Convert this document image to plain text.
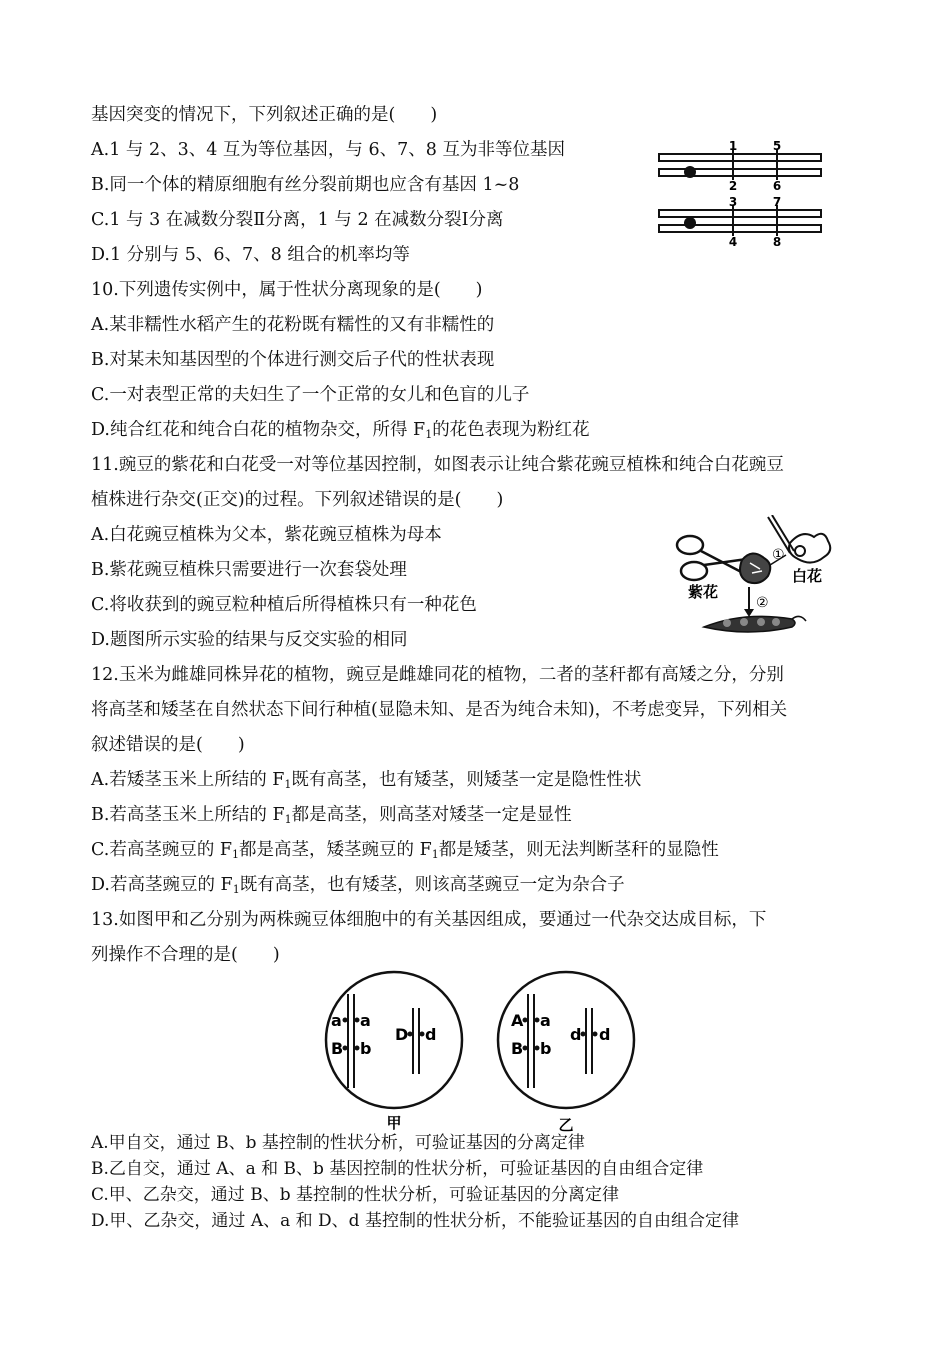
基因突变的情况下，下列叙述正确的是(　　)
A.1 与 2、3、4 互为等位基因，与 6、7、8 互为非等位基因
B.同一个体的精原细胞有丝分裂前期也应含有基因 1~8
C.1 与 3 在减数分裂Ⅱ分离，1 与 2 在减数分裂Ⅰ分离
D.1 分别与 5、6、7、8 组合的机率均等
1	5
2	6
3	7
4	8
10.下列遗传实例中，属于性状分离现象的是(　　)
A.某非糯性水稻产生的花粉既有糯性的又有非糯性的
B.对某未知基因型的个体进行测交后子代的性状表现
C.一对表型正常的夫妇生了一个正常的女儿和色盲的儿子
D.纯合红花和纯合白花的植物杂交，所得 $F_1$的花色表现为粉红花
11.豌豆的紫花和白花受一对等位基因控制，如图表示让纯合紫花豌豆植株和纯合白花豌豆
植株进行杂交(正交)的过程。下列叙述错误的是(　　)
A.白花豌豆植株为父本，紫花豌豆植株为母本
B.紫花豌豆植株只需要进行一次套袋处理
C.将收获到的豌豆粒种植后所得植株只有一种花色
D.题图所示实验的结果与反交实验的相同
①
②
紫花
白花
12.玉米为雌雄同株异花的植物，豌豆是雌雄同花的植物，二者的茎秆都有高矮之分，分别
将高茎和矮茎在自然状态下间行种植(显隐未知、是否为纯合未知)，不考虑变异，下列相关
叙述错误的是(　　)
A.若矮茎玉米上所结的 $F_1$既有高茎，也有矮茎，则矮茎一定是隐性性状
B.若高茎玉米上所结的 $F_1$都是高茎，则高茎对矮茎一定是显性
C.若高茎豌豆的 $F_1$都是高茎，矮茎豌豆的 $F_1$都是矮茎，则无法判断茎秆的显隐性
D.若高茎豌豆的 $F_1$既有高茎，也有矮茎，则该高茎豌豆一定为杂合子
13.如图甲和乙分别为两株豌豆体细胞中的有关基因组成，要通过一代杂交达成目标，下
列操作不合理的是(　　)
a
B
a
b
D d
甲
A
B
a
b
d d
乙
A.甲自交，通过 B、b 基控制的性状分析，可验证基因的分离定律
B.乙自交，通过 A、a 和 B、b 基因控制的性状分析，可验证基因的自由组合定律
C.甲、乙杂交，通过 B、b 基控制的性状分析，可验证基因的分离定律
D.甲、乙杂交，通过 A、a 和 D、d 基控制的性状分析，不能验证基因的自由组合定律
